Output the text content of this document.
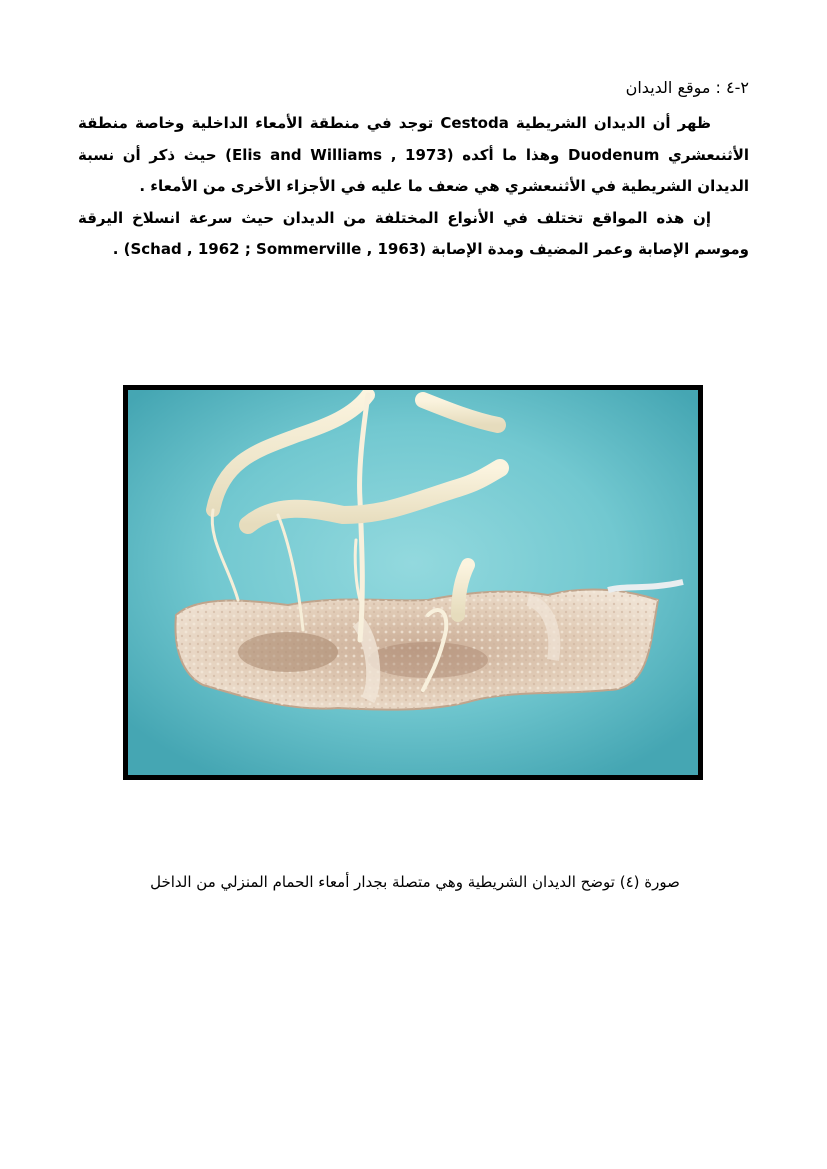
٢-٤ : موقع الديدان

ظهر أن الديدان الشريطية Cestoda توجد في منطقة الأمعاء الداخلية وخاصة منطقة الأثنىعشري Duodenum وهذا ما أكده (Elis and Williams , 1973) حيث ذكر أن نسبة الديدان الشريطية في الأثنىعشري هي ضعف ما عليه في الأجزاء الأخرى من الأمعاء .

إن هذه المواقع تختلف في الأنواع المختلفة من الديدان حيث سرعة انسلاخ اليرقة وموسم الإصابة وعمر المضيف ومدة الإصابة (Schad , 1962 ; Sommerville , 1963) .

صورة (٤) توضح الديدان الشريطية وهي متصلة بجدار أمعاء الحمام المنزلي من الداخل
